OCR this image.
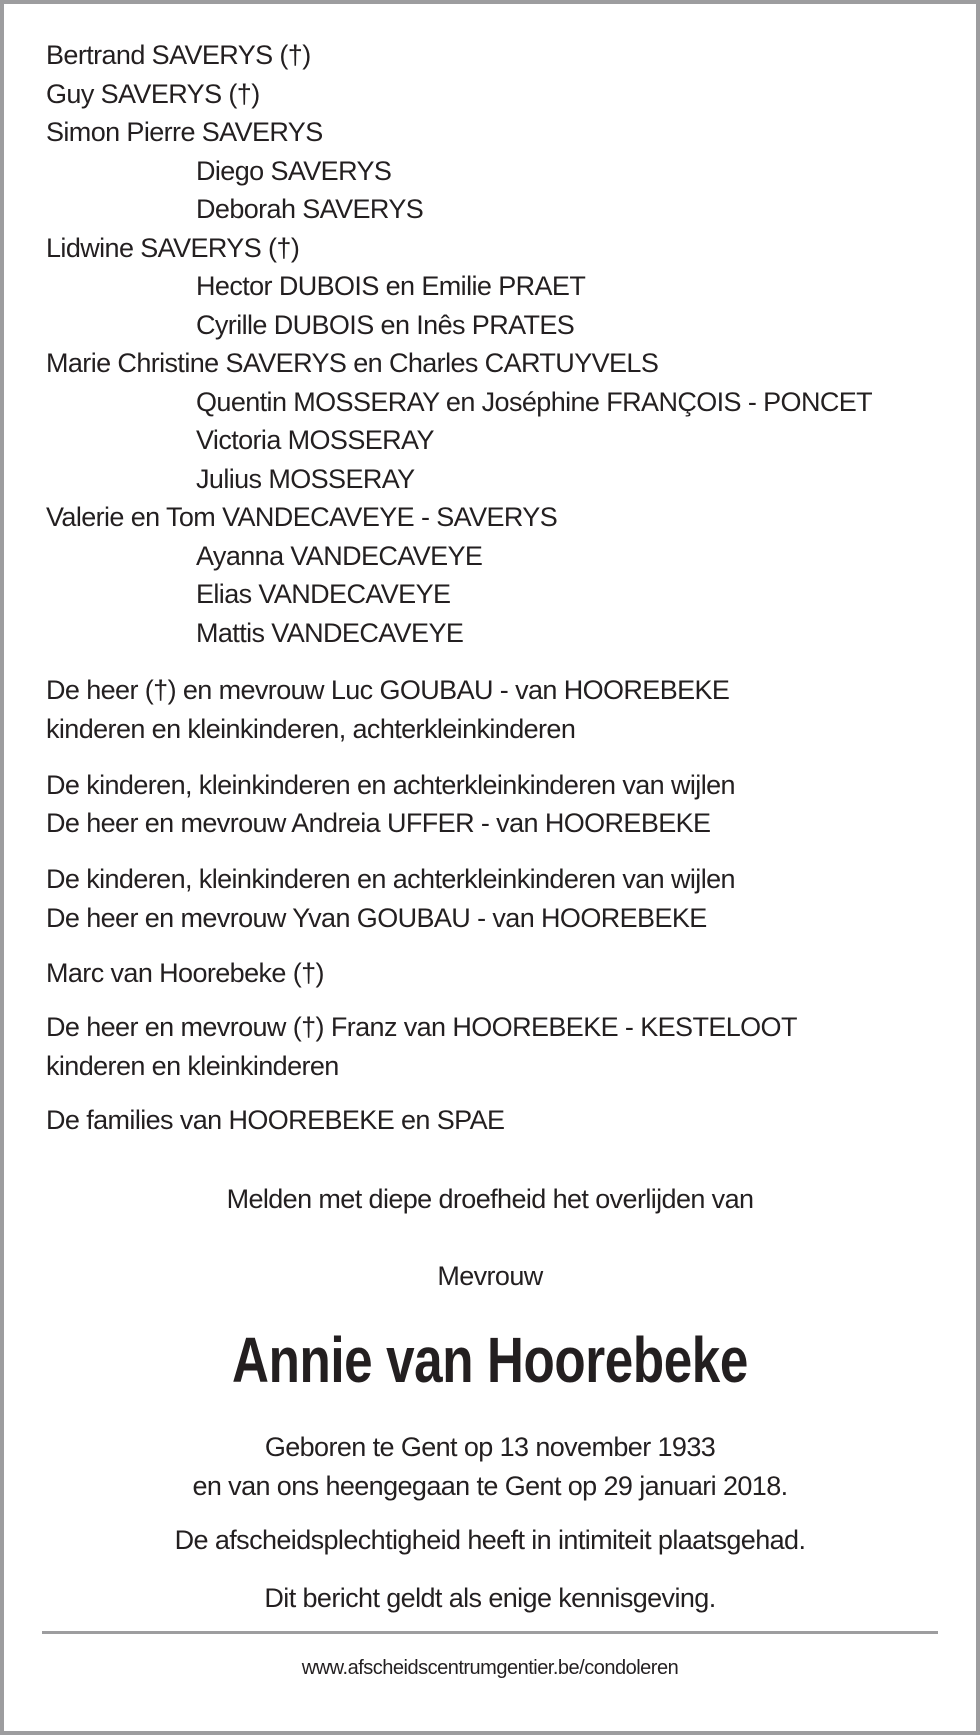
Bertrand SAVERYS (†)
Guy SAVERYS (†)
Simon Pierre SAVERYS
Diego SAVERYS
Deborah SAVERYS
Lidwine SAVERYS (†)
Hector DUBOIS en Emilie PRAET
Cyrille DUBOIS en Inês PRATES
Marie Christine SAVERYS en Charles CARTUYVELS
Quentin MOSSERAY en Joséphine FRANÇOIS - PONCET
Victoria MOSSERAY
Julius MOSSERAY
Valerie en Tom VANDECAVEYE - SAVERYS
Ayanna VANDECAVEYE
Elias VANDECAVEYE
Mattis VANDECAVEYE
De heer (†) en mevrouw Luc GOUBAU - van HOOREBEKE
kinderen en kleinkinderen, achterkleinkinderen
De kinderen, kleinkinderen en achterkleinkinderen van wijlen
De heer en mevrouw Andreia UFFER - van HOOREBEKE
De kinderen, kleinkinderen en achterkleinkinderen van wijlen
De heer en mevrouw Yvan GOUBAU - van HOOREBEKE
Marc van Hoorebeke (†)
De heer en mevrouw (†) Franz van HOOREBEKE - KESTELOOT
kinderen en kleinkinderen
De families van HOOREBEKE en SPAE
Melden met diepe droefheid het overlijden van
Mevrouw
Annie van Hoorebeke
Geboren te Gent op 13 november 1933
en van ons heengegaan te Gent op 29 januari 2018.
De afscheidsplechtigheid heeft in intimiteit plaatsgehad.
Dit bericht geldt als enige kennisgeving.
www.afscheidscentrumgentier.be/condoleren
